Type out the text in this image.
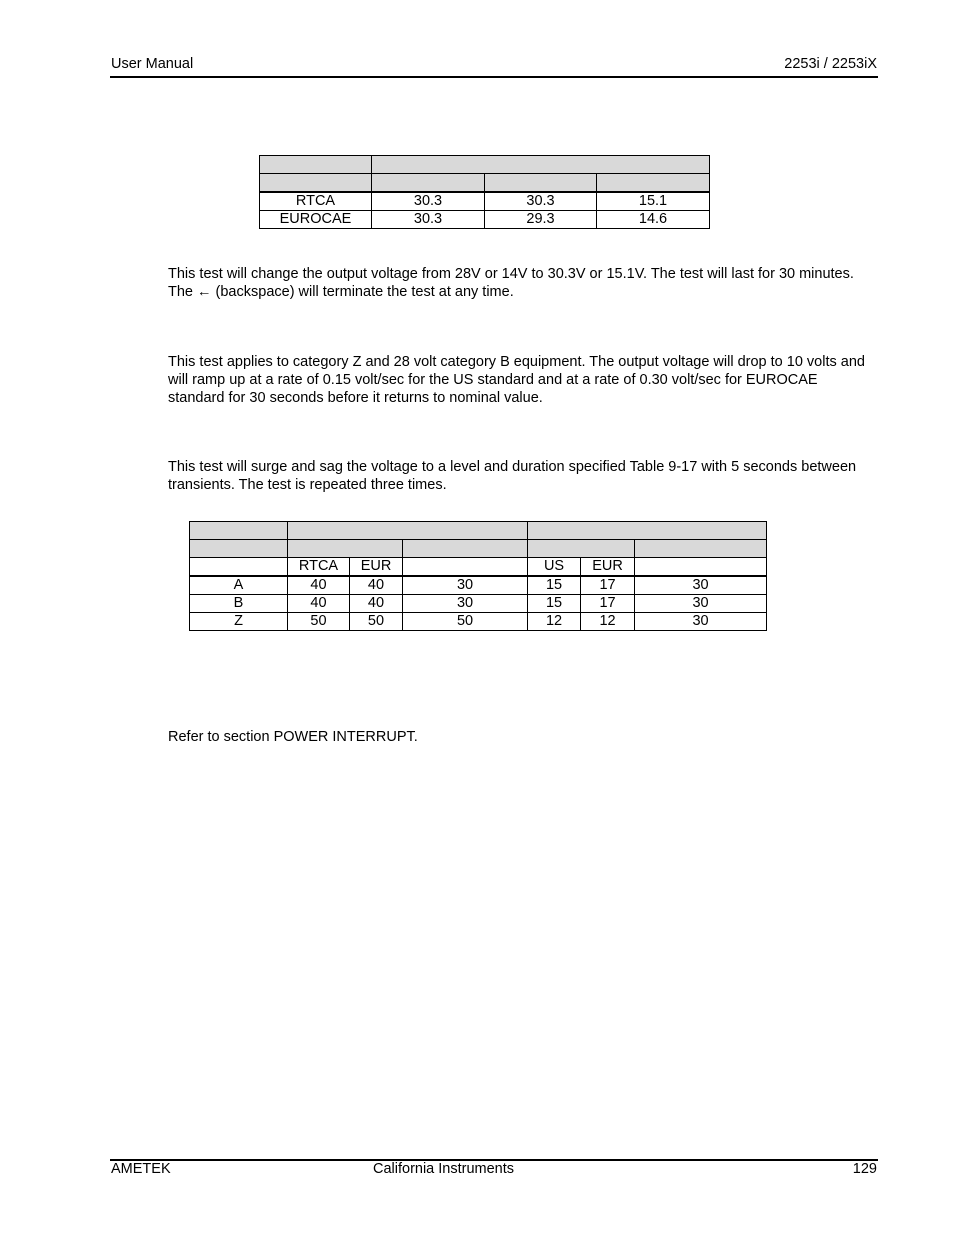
User Manual	2253i / 2253iX

RTCA	30.3	30.3	15.1
EUROCAE	30.3	29.3	14.6
This test will change the output voltage from 28V or 14V to 30.3V or 15.1V. The test will last for 30 minutes. The ← (backspace) will terminate the test at any time.
This test applies to category Z and 28 volt category B equipment. The output voltage will drop to 10 volts and will ramp up at a rate of 0.15 volt/sec for the US standard and at a rate of 0.30 volt/sec for EUROCAE standard for 30 seconds before it returns to nominal value.
This test will surge and sag the voltage to a level and duration specified Table 9-17 with 5 seconds between transients. The test is repeated three times.

	RTCA	EUR		US	EUR	
A	40	40	30	15	17	30
B	40	40	30	15	17	30
Z	50	50	50	12	12	30
Refer to section POWER INTERRUPT.
AMETEK	California Instruments	129
